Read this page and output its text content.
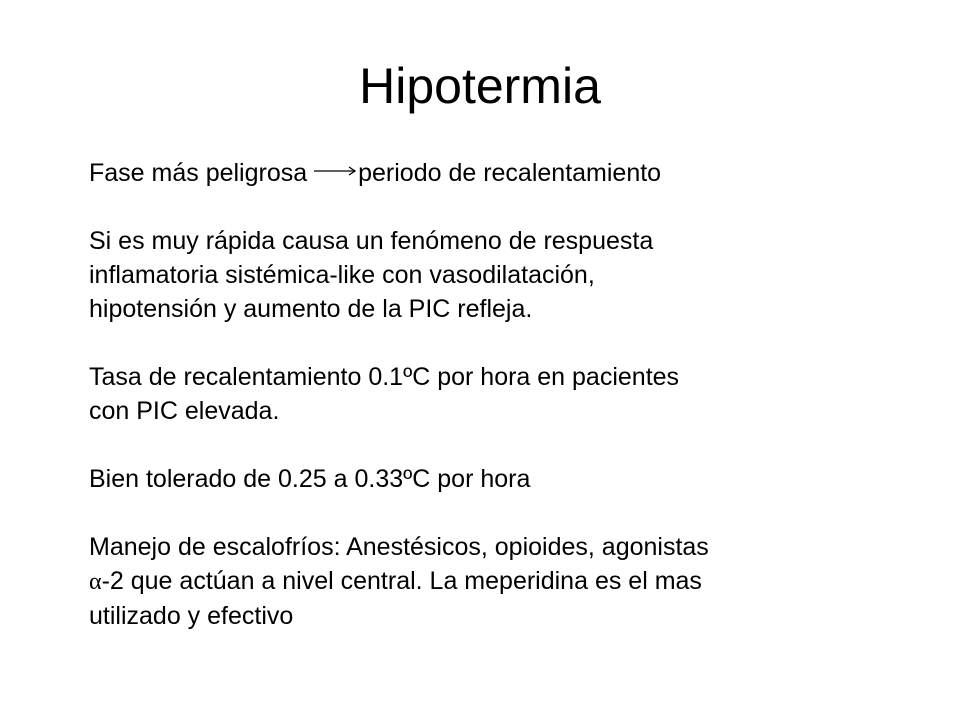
Hipotermia

Fase más peligrosa
periodo de recalentamiento

Si es muy rápida causa un fenómeno de respuesta
inflamatoria sistémica-like con vasodilatación,
hipotensión y aumento de la PIC refleja.

Tasa de recalentamiento 0.1ºC por hora en pacientes
con PIC elevada.

Bien tolerado de 0.25 a 0.33ºC por hora

Manejo de escalofríos: Anestésicos, opioides, agonistas
α-2 que actúan a nivel central. La meperidina es el mas
utilizado y efectivo
